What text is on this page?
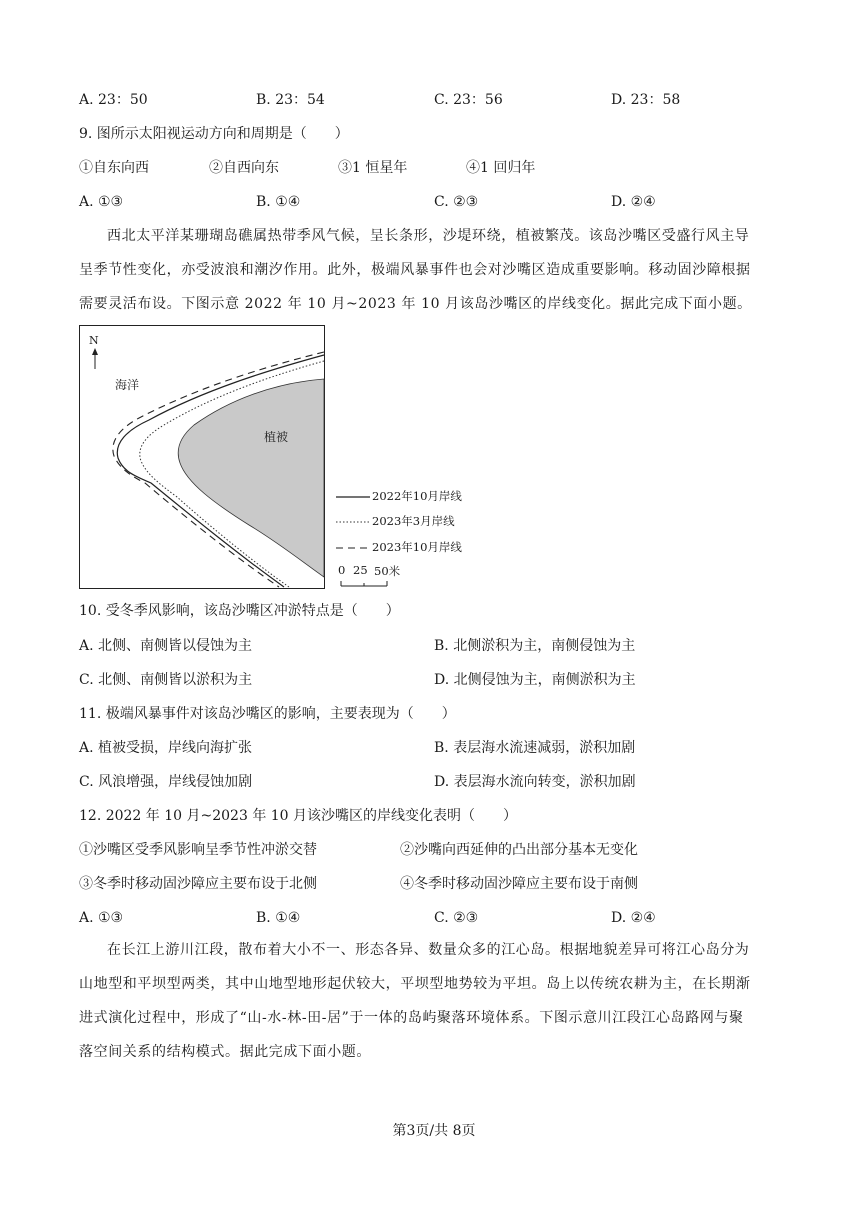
A. 23：50	B. 23：54	C. 23：56	D. 23：58
9. 图所示太阳视运动方向和周期是（　　）
①自东向西	②自西向东	③1 恒星年	④1 回归年
A. ①③	B. ①④	C. ②③	D. ②④
西北太平洋某珊瑚岛礁属热带季风气候，呈长条形，沙堤环绕，植被繁茂。该岛沙嘴区受盛行风主导
呈季节性变化，亦受波浪和潮汐作用。此外，极端风暴事件也会对沙嘴区造成重要影响。移动固沙障根据
需要灵活布设。下图示意 2022 年 10 月~2023 年 10 月该岛沙嘴区的岸线变化。据此完成下面小题。
N
海洋
植被
2022年10月岸线
2023年3月岸线
2023年10月岸线
0 25 50米
10. 受冬季风影响，该岛沙嘴区冲淤特点是（　　）
A. 北侧、南侧皆以侵蚀为主	B. 北侧淤积为主，南侧侵蚀为主
C. 北侧、南侧皆以淤积为主	D. 北侧侵蚀为主，南侧淤积为主
11. 极端风暴事件对该岛沙嘴区的影响，主要表现为（　　）
A. 植被受损，岸线向海扩张	B. 表层海水流速减弱，淤积加剧
C. 风浪增强，岸线侵蚀加剧	D. 表层海水流向转变，淤积加剧
12. 2022 年 10 月~2023 年 10 月该沙嘴区的岸线变化表明（　　）
①沙嘴区受季风影响呈季节性冲淤交替	②沙嘴向西延伸的凸出部分基本无变化
③冬季时移动固沙障应主要布设于北侧	④冬季时移动固沙障应主要布设于南侧
A. ①③	B. ①④	C. ②③	D. ②④
在长江上游川江段，散布着大小不一、形态各异、数量众多的江心岛。根据地貌差异可将江心岛分为
山地型和平坝型两类，其中山地型地形起伏较大，平坝型地势较为平坦。岛上以传统农耕为主，在长期渐
进式演化过程中，形成了“山-水-林-田-居”于一体的岛屿聚落环境体系。下图示意川江段江心岛路网与聚
落空间关系的结构模式。据此完成下面小题。
第3页/共 8页
